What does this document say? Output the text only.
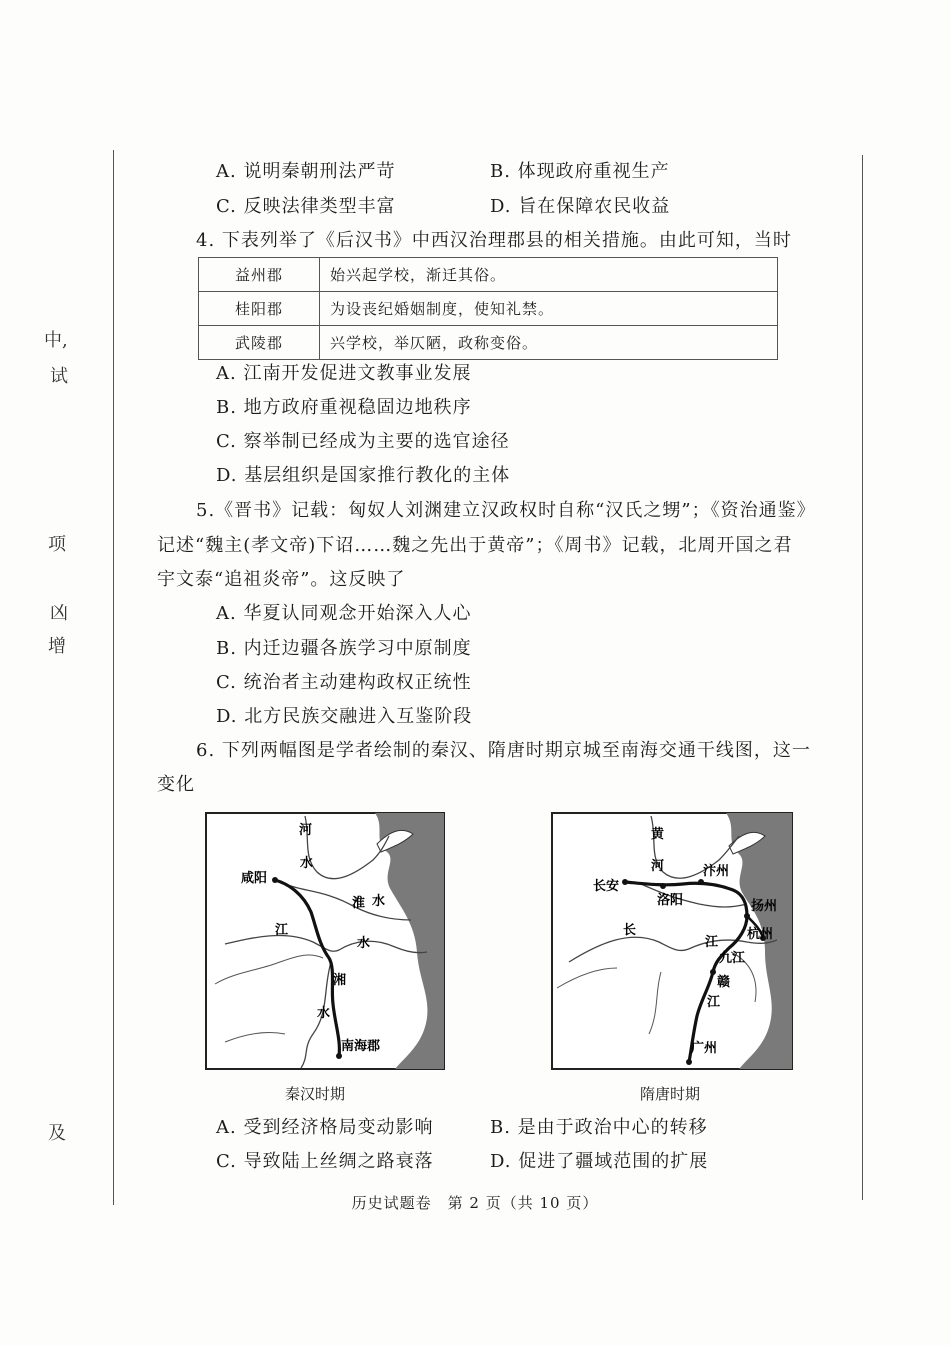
中,
试
项
凶
增
及
A. 说明秦朝刑法严苛	B. 体现政府重视生产
C. 反映法律类型丰富	D. 旨在保障农民收益
4. 下表列举了《后汉书》中西汉治理郡县的相关措施。由此可知，当时
益州郡	始兴起学校，渐迁其俗。
桂阳郡	为设丧纪婚姻制度，使知礼禁。
武陵郡	兴学校，举仄陋，政称变俗。
A. 江南开发促进文教事业发展
B. 地方政府重视稳固边地秩序
C. 察举制已经成为主要的选官途径
D. 基层组织是国家推行教化的主体
5.《晋书》记载：匈奴人刘渊建立汉政权时自称“汉氏之甥”；《资治通鉴》
记述“魏主(孝文帝)下诏……魏之先出于黄帝”；《周书》记载，北周开国之君
宇文泰“追祖炎帝”。这反映了
A. 华夏认同观念开始深入人心
B. 内迁边疆各族学习中原制度
C. 统治者主动建构政权正统性
D. 北方民族交融进入互鉴阶段
6. 下列两幅图是学者绘制的秦汉、隋唐时期京城至南海交通干线图，这一
变化
河
水
咸阳
淮 水
江
水
湘
水
南海郡
黄
河	汴州
长安
洛阳	扬州
长
江
杭州
九江
赣
江
广州
秦汉时期	隋唐时期
A. 受到经济格局变动影响	B. 是由于政治中心的转移
C. 导致陆上丝绸之路衰落	D. 促进了疆域范围的扩展
历史试题卷　第 2 页（共 10 页）
